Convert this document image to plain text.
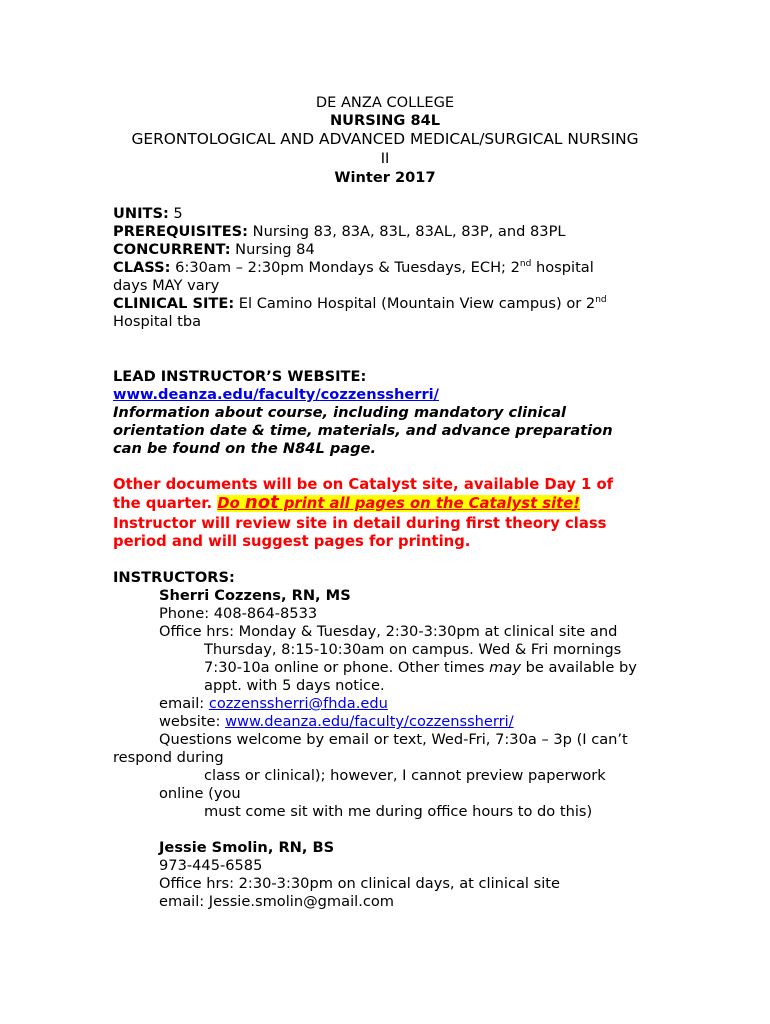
DE ANZA COLLEGE
NURSING 84L
GERONTOLOGICAL AND ADVANCED MEDICAL/SURGICAL NURSING
II
Winter 2017
UNITS: 5
PREREQUISITES: Nursing 83, 83A, 83L, 83AL, 83P, and 83PL
CONCURRENT: Nursing 84
CLASS: 6:30am – 2:30pm Mondays & Tuesdays, ECH; 2nd hospital
days MAY vary
CLINICAL SITE: El Camino Hospital (Mountain View campus) or 2nd
Hospital tba
LEAD INSTRUCTOR’S WEBSITE:
www.deanza.edu/faculty/cozzenssherri/
Information about course, including mandatory clinical
orientation date & time, materials, and advance preparation
can be found on the N84L page.
Other documents will be on Catalyst site, available Day 1 of
the quarter. Do not print all pages on the Catalyst site!
Instructor will review site in detail during first theory class
period and will suggest pages for printing.
INSTRUCTORS:
Sherri Cozzens, RN, MS
Phone: 408-864-8533
Office hrs: Monday & Tuesday, 2:30-3:30pm at clinical site and
Thursday, 8:15-10:30am on campus. Wed & Fri mornings
7:30-10a online or phone. Other times may be available by
appt. with 5 days notice.
email: cozzenssherri@fhda.edu
website: www.deanza.edu/faculty/cozzenssherri/
Questions welcome by email or text, Wed-Fri, 7:30a – 3p (I can’t
respond during
class or clinical); however, I cannot preview paperwork
online (you
must come sit with me during office hours to do this)
Jessie Smolin, RN, BS
973-445-6585
Office hrs: 2:30-3:30pm on clinical days, at clinical site
email: Jessie.smolin@gmail.com
